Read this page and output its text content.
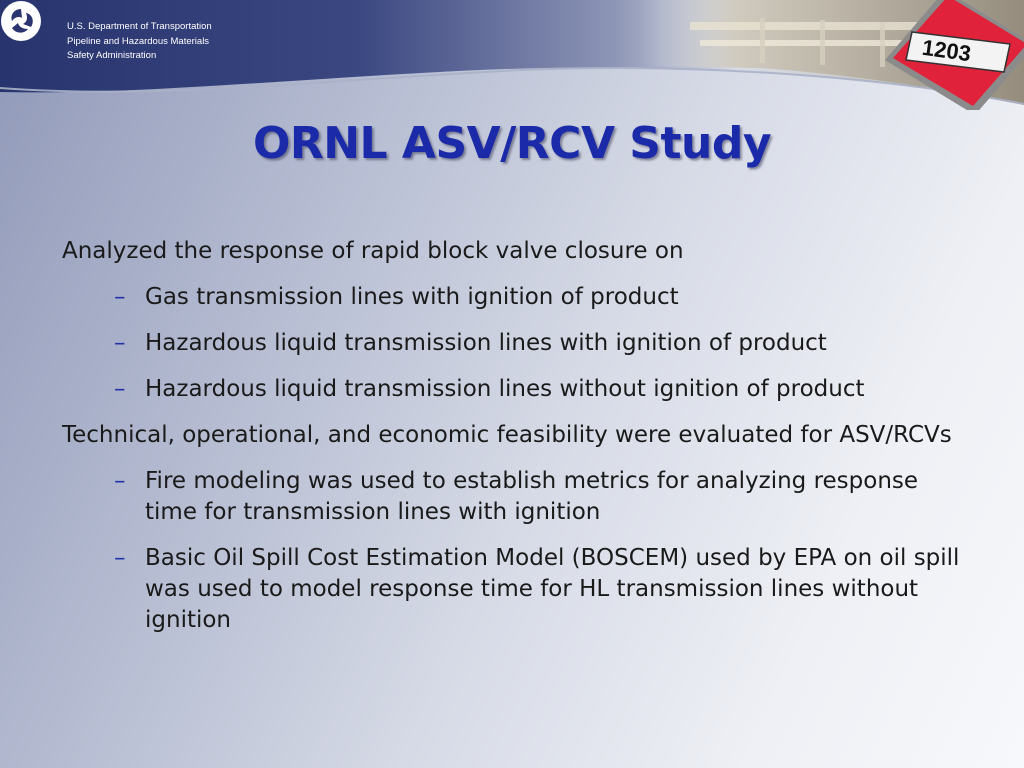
U.S. Department of Transportation
Pipeline and Hazardous Materials
Safety Administration	1203
ORNL ASV/RCV Study

Analyzed the response of rapid block valve closure on

– Gas transmission lines with ignition of product
– Hazardous liquid transmission lines with ignition of product
– Hazardous liquid transmission lines without ignition of product

Technical, operational, and economic feasibility were evaluated for ASV/RCVs

– Fire modeling was used to establish metrics for analyzing response time for transmission lines with ignition
– Basic Oil Spill Cost Estimation Model (BOSCEM) used by EPA on oil spill was used to model response time for HL transmission lines without ignition
